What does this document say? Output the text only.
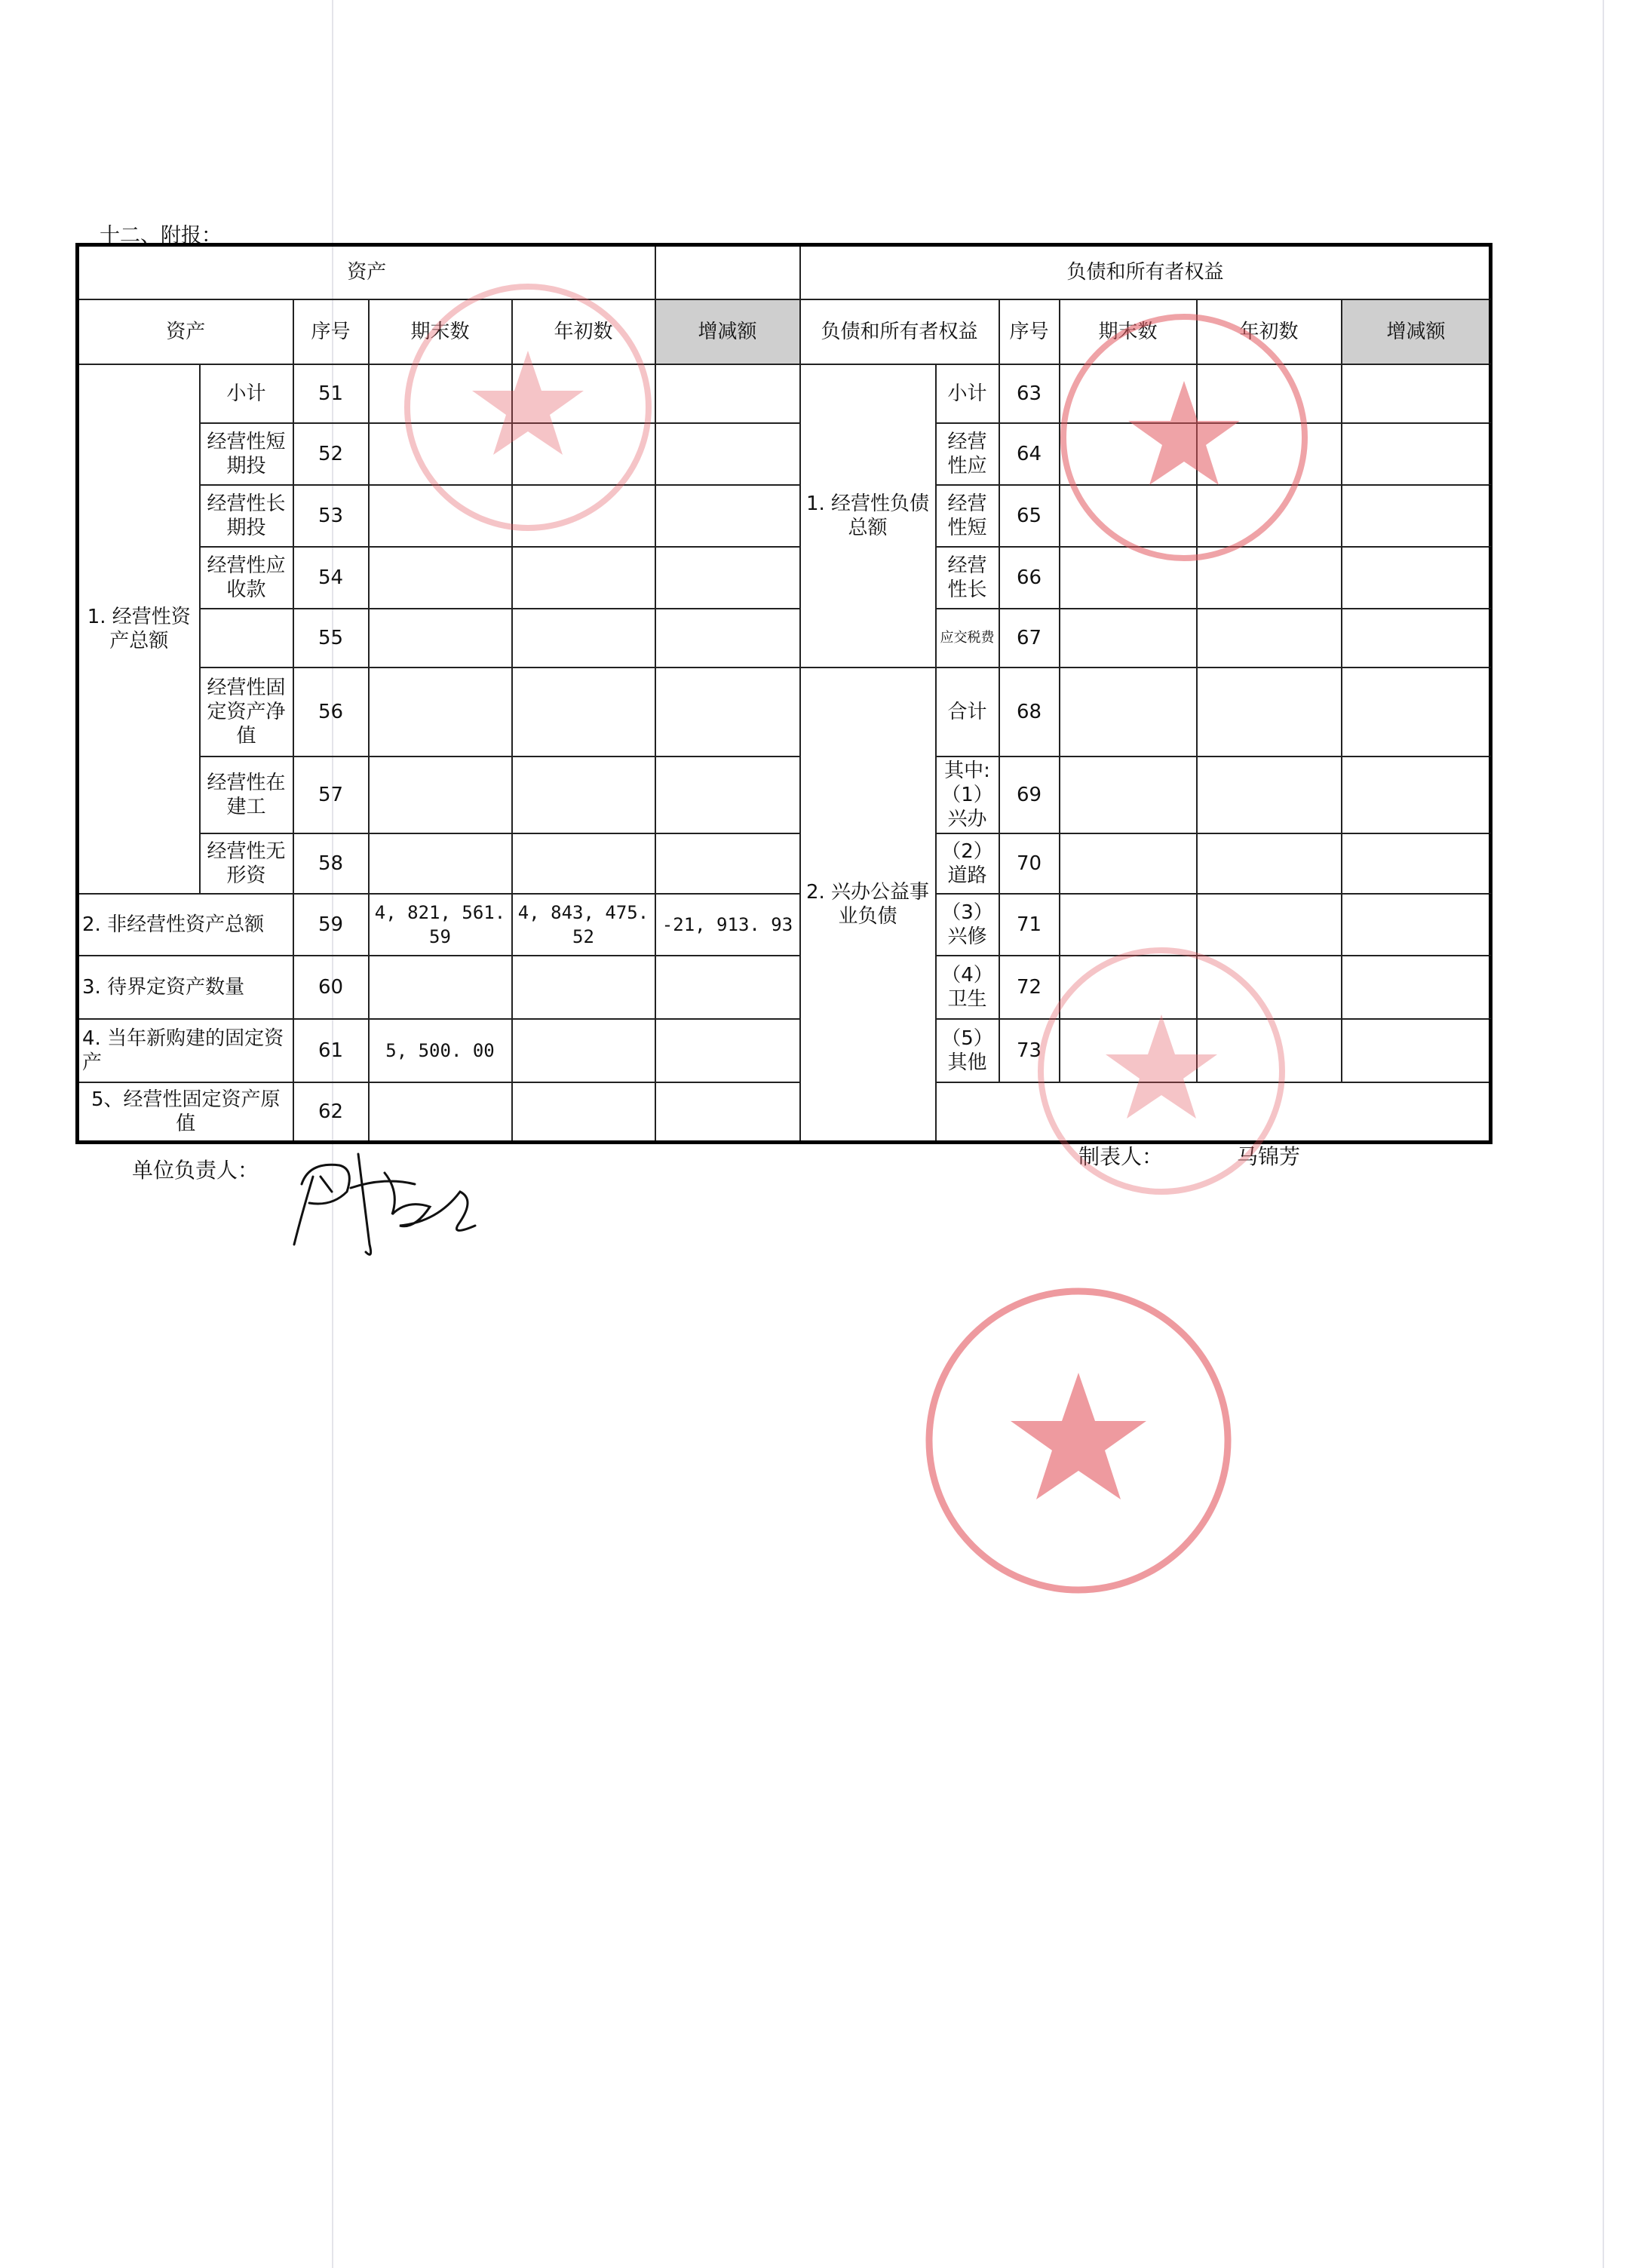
十二、附报：
资产						负债和所有者权益					
资产		序号	期末数	年初数	增减额	负债和所有者权益		序号	期末数	年初数	增减额
1. 经营性资产总额	小计	51				1. 经营性负债总额	小计	63			
	经营性短期投	52					经营性应	64			
	经营性长期投	53					经营性短	65			
	经营性应收款	54					经营性长	66			
		55					应交税费	67			
	经营性固定资产净值	56				2. 兴办公益事业负债	合计	68			
	经营性在建工	57					其中:（1）兴办	69			
	经营性无形资	58					（2）道路	70			
2. 非经营性资产总额		59	4, 821, 561. 59	4, 843, 475. 52	-21, 913. 93		（3）兴修	71			
3. 待界定资产数量		60					（4）卫生	72			
4. 当年新购建的固定资产		61	5, 500. 00				（5）其他	73			
5、经营性固定资产原值		62									
单位负责人：
制表人：	马锦芳
